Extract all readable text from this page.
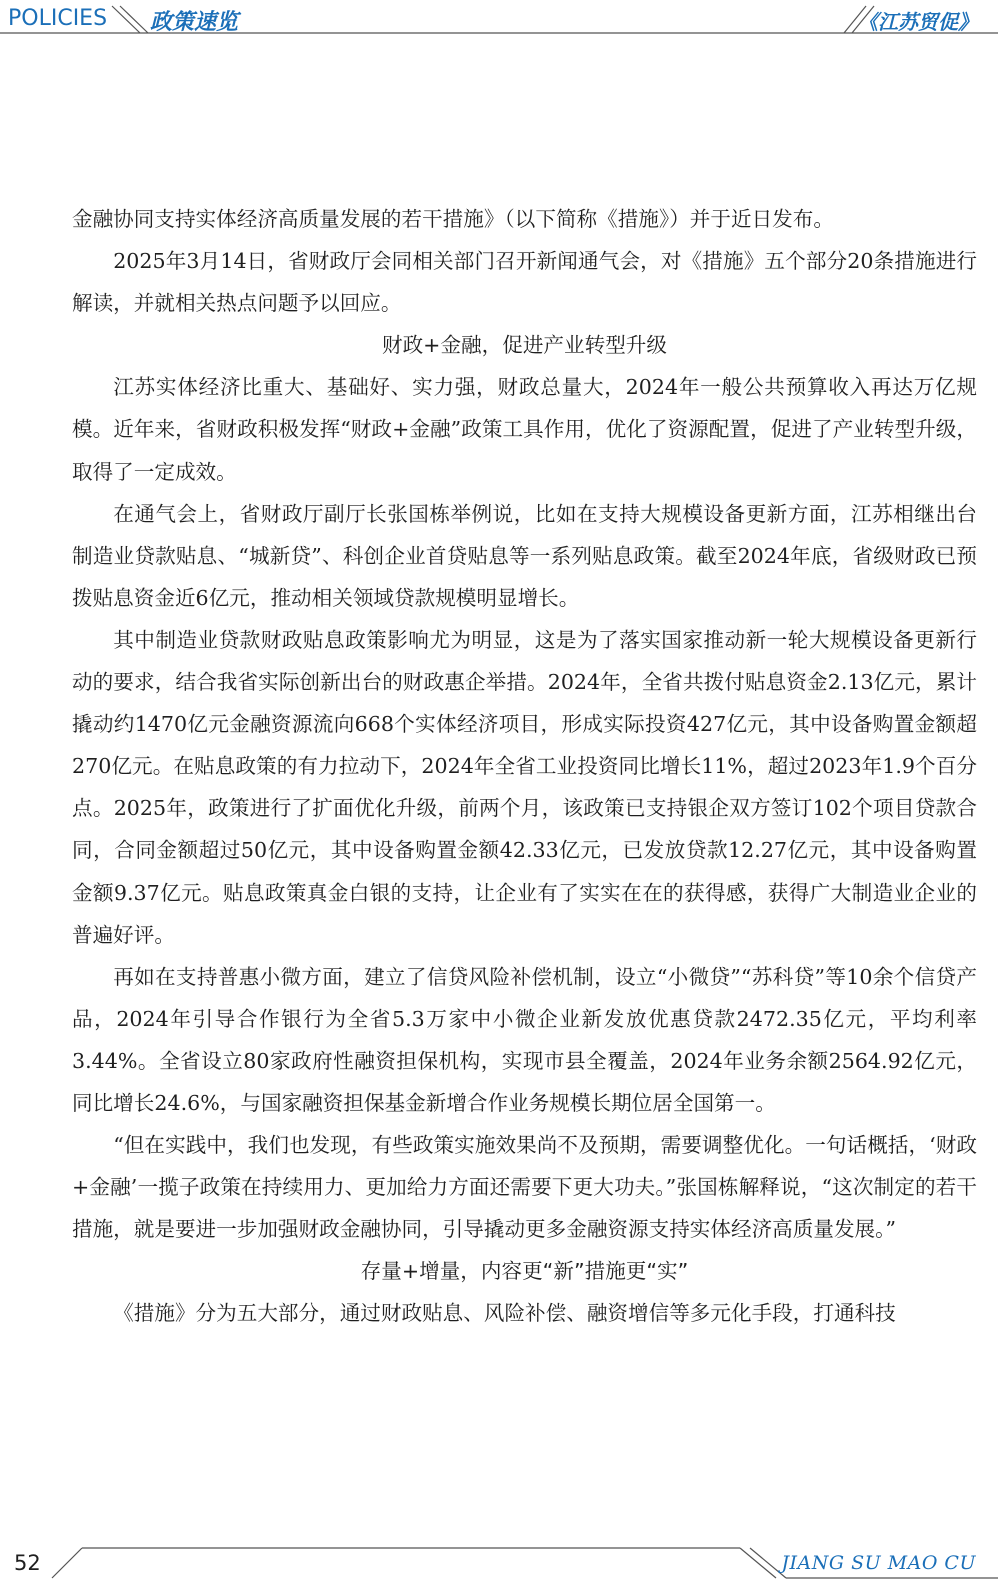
POLICIES 政策速览	《江苏贸促》

金融协同支持实体经济高质量发展的若干措施》（以下简称《措施》）并于近日发布。

2025年3月14日，省财政厅会同相关部门召开新闻通气会，对《措施》五个部分20条措施进行解读，并就相关热点问题予以回应。

财政+金融，促进产业转型升级

江苏实体经济比重大、基础好、实力强，财政总量大，2024年一般公共预算收入再达万亿规模。近年来，省财政积极发挥“财政+金融”政策工具作用，优化了资源配置，促进了产业转型升级，取得了一定成效。

在通气会上，省财政厅副厅长张国栋举例说，比如在支持大规模设备更新方面，江苏相继出台制造业贷款贴息、“城新贷”、科创企业首贷贴息等一系列贴息政策。截至2024年底，省级财政已预拨贴息资金近6亿元，推动相关领域贷款规模明显增长。

其中制造业贷款财政贴息政策影响尤为明显，这是为了落实国家推动新一轮大规模设备更新行动的要求，结合我省实际创新出台的财政惠企举措。2024年，全省共拨付贴息资金2.13亿元，累计撬动约1470亿元金融资源流向668个实体经济项目，形成实际投资427亿元，其中设备购置金额超270亿元。在贴息政策的有力拉动下，2024年全省工业投资同比增长11%，超过2023年1.9个百分点。2025年，政策进行了扩面优化升级，前两个月，该政策已支持银企双方签订102个项目贷款合同，合同金额超过50亿元，其中设备购置金额42.33亿元，已发放贷款12.27亿元，其中设备购置金额9.37亿元。贴息政策真金白银的支持，让企业有了实实在在的获得感，获得广大制造业企业的普遍好评。

再如在支持普惠小微方面，建立了信贷风险补偿机制，设立“小微贷”“苏科贷”等10余个信贷产品，2024年引导合作银行为全省5.3万家中小微企业新发放优惠贷款2472.35亿元，平均利率3.44%。全省设立80家政府性融资担保机构，实现市县全覆盖，2024年业务余额2564.92亿元，同比增长24.6%，与国家融资担保基金新增合作业务规模长期位居全国第一。

“但在实践中，我们也发现，有些政策实施效果尚不及预期，需要调整优化。一句话概括，‘财政+金融’一揽子政策在持续用力、更加给力方面还需要下更大功夫。”张国栋解释说，“这次制定的若干措施，就是要进一步加强财政金融协同，引导撬动更多金融资源支持实体经济高质量发展。”

存量+增量，内容更“新”措施更“实”

《措施》分为五大部分，通过财政贴息、风险补偿、融资增信等多元化手段，打通科技

52	JIANG SU MAO CU
